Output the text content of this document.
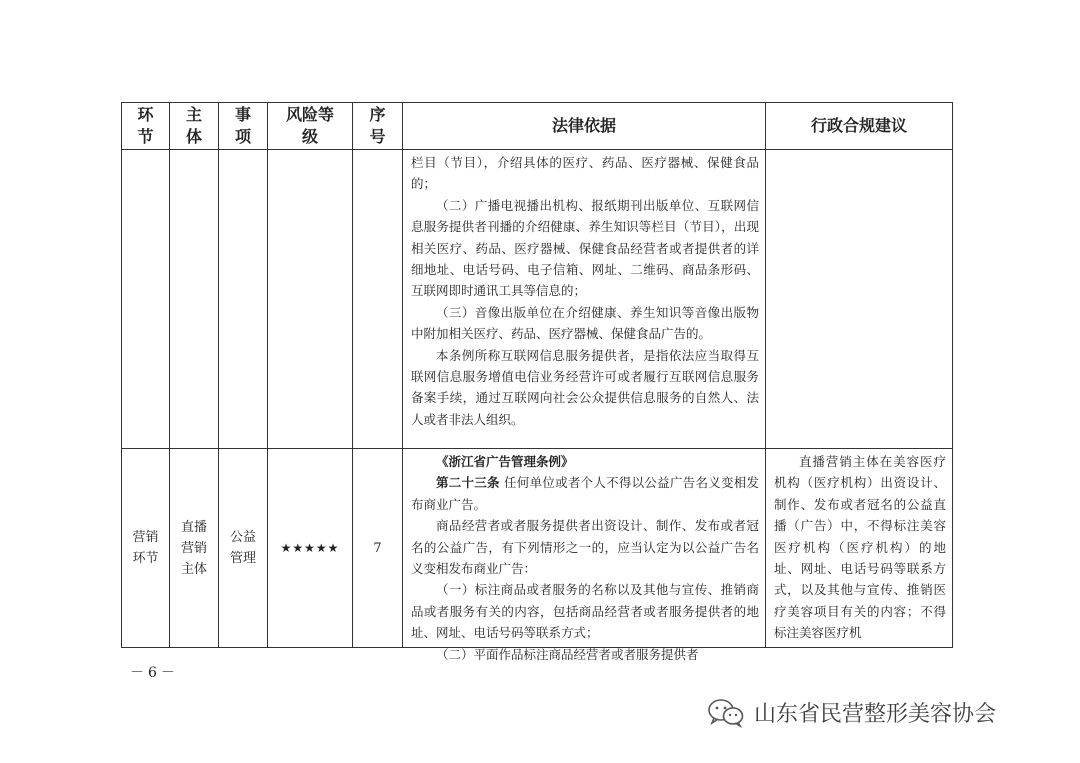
环节	主体	事项	风险等级	序号	法律依据	行政合规建议

					栏目（节目），介绍具体的医疗、药品、医疗器械、保健食品的；

（二）广播电视播出机构、报纸期刊出版单位、互联网信息服务提供者刊播的介绍健康、养生知识等栏目（节目），出现相关医疗、药品、医疗器械、保健食品经营者或者提供者的详细地址、电话号码、电子信箱、网址、二维码、商品条形码、互联网即时通讯工具等信息的；

（三）音像出版单位在介绍健康、养生知识等音像出版物中附加相关医疗、药品、医疗器械、保健食品广告的。

本条例所称互联网信息服务提供者，是指依法应当取得互联网信息服务增值电信业务经营许可或者履行互联网信息服务备案手续，通过互联网向社会公众提供信息服务的自然人、法人或者非法人组织。	

营销环节	直播营销主体	公益管理	★★★★★	7	《浙江省广告管理条例》

第二十三条 任何单位或者个人不得以公益广告名义变相发布商业广告。

商品经营者或者服务提供者出资设计、制作、发布或者冠名的公益广告，有下列情形之一的，应当认定为以公益广告名义变相发布商业广告：

（一）标注商品或者服务的名称以及其他与宣传、推销商品或者服务有关的内容，包括商品经营者或者服务提供者的地址、网址、电话号码等联系方式；

（二）平面作品标注商品经营者或者服务提供者	直播营销主体在美容医疗机构（医疗机构）出资设计、制作、发布或者冠名的公益直播（广告）中，不得标注美容医疗机构（医疗机构）的地址、网址、电话号码等联系方式，以及其他与宣传、推销医疗美容项目有关的内容；不得标注美容医疗机

－6－
山东省民营整形美容协会
